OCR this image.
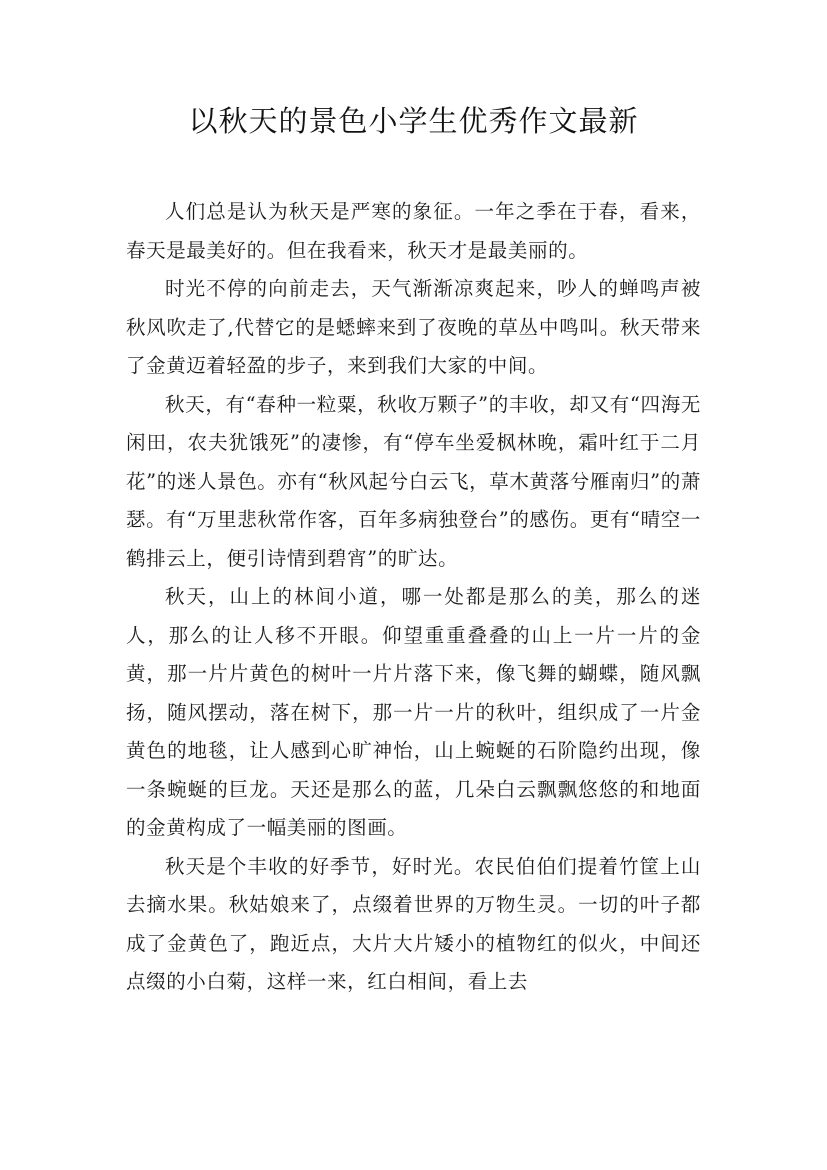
以秋天的景色小学生优秀作文最新

人们总是认为秋天是严寒的象征。一年之季在于春，看来，春天是最美好的。但在我看来，秋天才是最美丽的。

时光不停的向前走去，天气渐渐凉爽起来，吵人的蝉鸣声被秋风吹走了,代替它的是蟋蟀来到了夜晚的草丛中鸣叫。秋天带来了金黄迈着轻盈的步子，来到我们大家的中间。

秋天，有“春种一粒粟，秋收万颗子”的丰收，却又有“四海无闲田，农夫犹饿死”的凄惨，有“停车坐爱枫林晚，霜叶红于二月花”的迷人景色。亦有“秋风起兮白云飞，草木黄落兮雁南归”的萧瑟。有“万里悲秋常作客，百年多病独登台”的感伤。更有“晴空一鹤排云上，便引诗情到碧宵”的旷达。

秋天，山上的林间小道，哪一处都是那么的美，那么的迷人，那么的让人移不开眼。仰望重重叠叠的山上一片一片的金黄，那一片片黄色的树叶一片片落下来，像飞舞的蝴蝶，随风飘扬，随风摆动，落在树下，那一片一片的秋叶，组织成了一片金黄色的地毯，让人感到心旷神怡，山上蜿蜒的石阶隐约出现，像一条蜿蜒的巨龙。天还是那么的蓝，几朵白云飘飘悠悠的和地面的金黄构成了一幅美丽的图画。

秋天是个丰收的好季节，好时光。农民伯伯们提着竹筐上山去摘水果。秋姑娘来了，点缀着世界的万物生灵。一切的叶子都成了金黄色了，跑近点，大片大片矮小的植物红的似火，中间还点缀的小白菊，这样一来，红白相间，看上去
